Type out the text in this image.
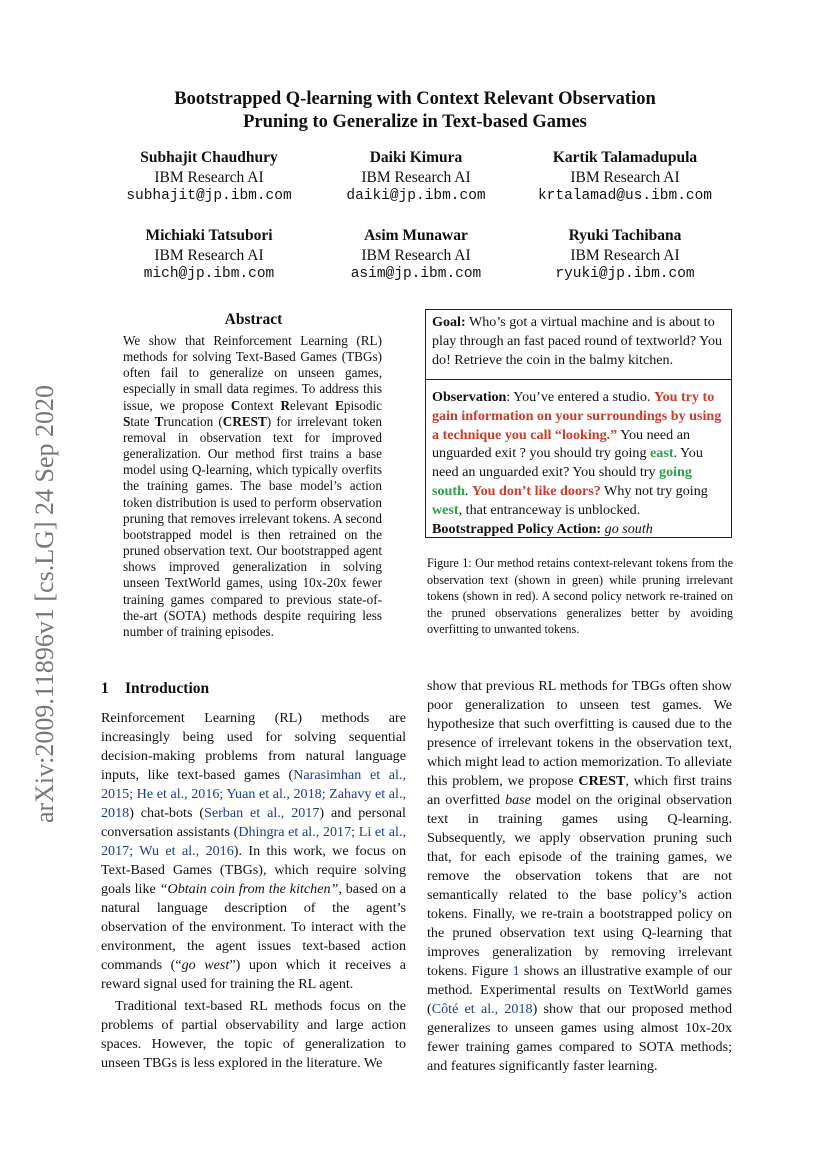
arXiv:2009.11896v1 [cs.LG] 24 Sep 2020
Bootstrapped Q-learning with Context Relevant Observation
Pruning to Generalize in Text-based Games
Subhajit Chaudhury
IBM Research AI
subhajit@jp.ibm.com
Daiki Kimura
IBM Research AI
daiki@jp.ibm.com
Kartik Talamadupula
IBM Research AI
krtalamad@us.ibm.com
Michiaki Tatsubori
IBM Research AI
mich@jp.ibm.com
Asim Munawar
IBM Research AI
asim@jp.ibm.com
Ryuki Tachibana
IBM Research AI
ryuki@jp.ibm.com
Abstract
We show that Reinforcement Learning (RL) methods for solving Text-Based Games (TBGs) often fail to generalize on unseen games, especially in small data regimes. To address this issue, we propose Context Relevant Episodic State Truncation (CREST) for irrelevant token removal in observation text for improved generalization. Our method first trains a base model using Q-learning, which typically overfits the training games. The base model’s action token distribution is used to perform observation pruning that removes irrelevant tokens. A second bootstrapped model is then retrained on the pruned observation text. Our bootstrapped agent shows improved generalization in solving unseen TextWorld games, using 10x-20x fewer training games compared to previous state-of-the-art (SOTA) methods despite requiring less number of training episodes.
1 Introduction

Reinforcement Learning (RL) methods are increasingly being used for solving sequential decision-making problems from natural language inputs, like text-based games (Narasimhan et al., 2015; He et al., 2016; Yuan et al., 2018; Zahavy et al., 2018) chat-bots (Serban et al., 2017) and personal conversation assistants (Dhingra et al., 2017; Li et al., 2017; Wu et al., 2016). In this work, we focus on Text-Based Games (TBGs), which require solving goals like “Obtain coin from the kitchen”, based on a natural language description of the agent’s observation of the environment. To interact with the environment, the agent issues text-based action commands (“go west”) upon which it receives a reward signal used for training the RL agent.

Traditional text-based RL methods focus on the problems of partial observability and large action spaces. However, the topic of generalization to unseen TBGs is less explored in the literature. We

show that previous RL methods for TBGs often show poor generalization to unseen test games. We hypothesize that such overfitting is caused due to the presence of irrelevant tokens in the observation text, which might lead to action memorization. To alleviate this problem, we propose CREST, which first trains an overfitted base model on the original observation text in training games using Q-learning. Subsequently, we apply observation pruning such that, for each episode of the training games, we remove the observation tokens that are not semantically related to the base policy’s action tokens. Finally, we re-train a bootstrapped policy on the pruned observation text using Q-learning that improves generalization by removing irrelevant tokens. Figure 1 shows an illustrative example of our method. Experimental results on TextWorld games (Côté et al., 2018) show that our proposed method generalizes to unseen games using almost 10x-20x fewer training games compared to SOTA methods; and features significantly faster learning.

Goal: Who’s got a virtual machine and is about to play through an fast paced round of textworld? You do! Retrieve the coin in the balmy kitchen.
Observation: You’ve entered a studio. You try to gain information on your surroundings by using a technique you call “looking.” You need an unguarded exit ? you should try going east. You need an unguarded exit? You should try going south. You don’t like doors? Why not try going west, that entranceway is unblocked.
Bootstrapped Policy Action: go south
Figure 1: Our method retains context-relevant tokens from the observation text (shown in green) while pruning irrelevant tokens (shown in red). A second policy network re-trained on the pruned observations generalizes better by avoiding overfitting to unwanted tokens.
